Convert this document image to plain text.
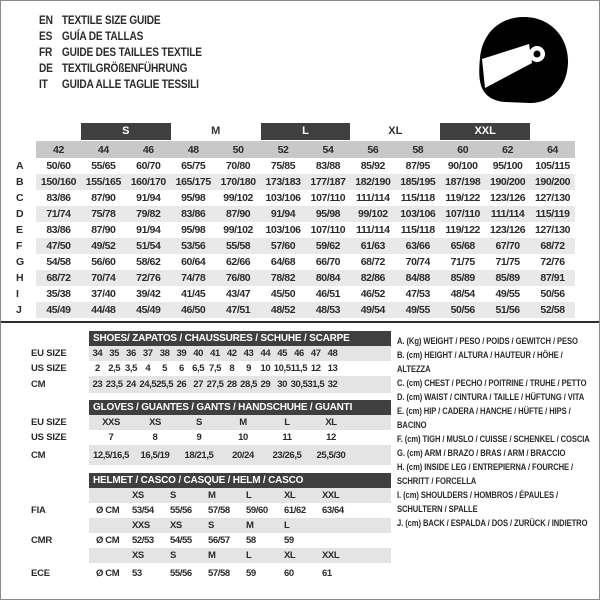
EN TEXTILE SIZE GUIDE
ES GUÍA DE TALLAS
FR GUIDE DES TAILLES TEXTILE
DE TEXTILGRÖßENFÜHRUNG
IT	GUIDA ALLE TAGLIE TESSILI
S	M	L	XL	XXL
42	44	46	48	50	52	54	56	58	60	62	64
A	50/60	55/65	60/70	65/75	70/80	75/85	83/88	85/92	87/95	90/100	95/100	105/115
B	150/160 155/165 160/170 165/175 170/180 173/183 177/187 182/190 185/195 187/198 190/200 190/200
C	83/86	87/90	91/94	95/98	99/102	103/106 107/110	111/114	115/118	119/122 123/126 127/130
D	71/74	75/78	79/82	83/86	87/90	91/94	95/98	99/102	103/106 107/110	111/114	115/119
E	83/86	87/90	91/94	95/98	99/102	103/106 107/110	111/114	115/118	119/122 123/126 127/130
F	47/50	49/52	51/54	53/56	55/58	57/60	59/62	61/63	63/66	65/68	67/70	68/72
G	54/58	56/60	58/62	60/64	62/66	64/68	66/70	68/72	70/74	71/75	71/75	72/76
H	68/72	70/74	72/76	74/78	76/80	78/82	80/84	82/86	84/88	85/89	85/89	87/91
I	35/38	37/40	39/42	41/45	43/47	45/50	46/51	46/52	47/53	48/54	49/55	50/56
J	45/49	44/48	45/49	46/50	47/51	48/52	48/53	49/54	49/55	50/56	51/56	52/58
SHOES/ ZAPATOS / CHAUSSURES / SCHUHE / SCARPE
EU SIZE	34 35 36 37 38 39 40 41 42 43 44 45 46 47 48
US SIZE	2 2,5 3,5 4	5	6 6,5 7,5 8	9 10 10,5 11,5 12 13
CM	23 23,5 24 24,5 25,5 26 27 27,5 28 28,5 29 30 30,5 31,5 32
GLOVES / GUANTES / GANTS / HANDSCHUHE / GUANTI
EU SIZE	XXS	XS	S	M	L	XL
US SIZE	7	8	9	10	11	12
CM	12,5/16,5	16,5/19	18/21,5	20/24	23/26,5	25,5/30
HELMET / CASCO / CASQUE / HELM / CASCO
XS	S	M	L	XL	XXL
FIA	Ø CM	53/54	55/56	57/58	59/60	61/62	63/64
XXS	XS	S	M	L
CMR	Ø CM	52/53	54/55	56/57	58	59
XS	S	M	L	XL	XXL
ECE	Ø CM	53	55/56	57/58	59	60	61
A. (Kg) WEIGHT / PESO / POIDS / GEWITCH / PESO
B. (cm) HEIGHT / ALTURA / HAUTEUR / HÖHE / ALTEZZA
C. (cm) CHEST / PECHO / POITRINE / TRUHE / PETTO
D. (cm) WAIST / CINTURA / TAILLE / HÜFTUNG / VITA
E. (cm) HIP / CADERA / HANCHE / HÜFTE / HIPS / BACINO
F. (cm) TIGH / MUSLO / CUISSE / SCHENKEL / COSCIA
G. (cm) ARM / BRAZO / BRAS / ARM / BRACCIO
H. (cm) INSIDE LEG / ENTREPIERNA / FOURCHE / SCHRITT / FORCELLA
I. (cm) SHOULDERS / HOMBROS / ÉPAULES / SCHULTERN / SPALLE
J. (cm) BACK / ESPALDA / DOS / ZURÜCK / INDIETRO
